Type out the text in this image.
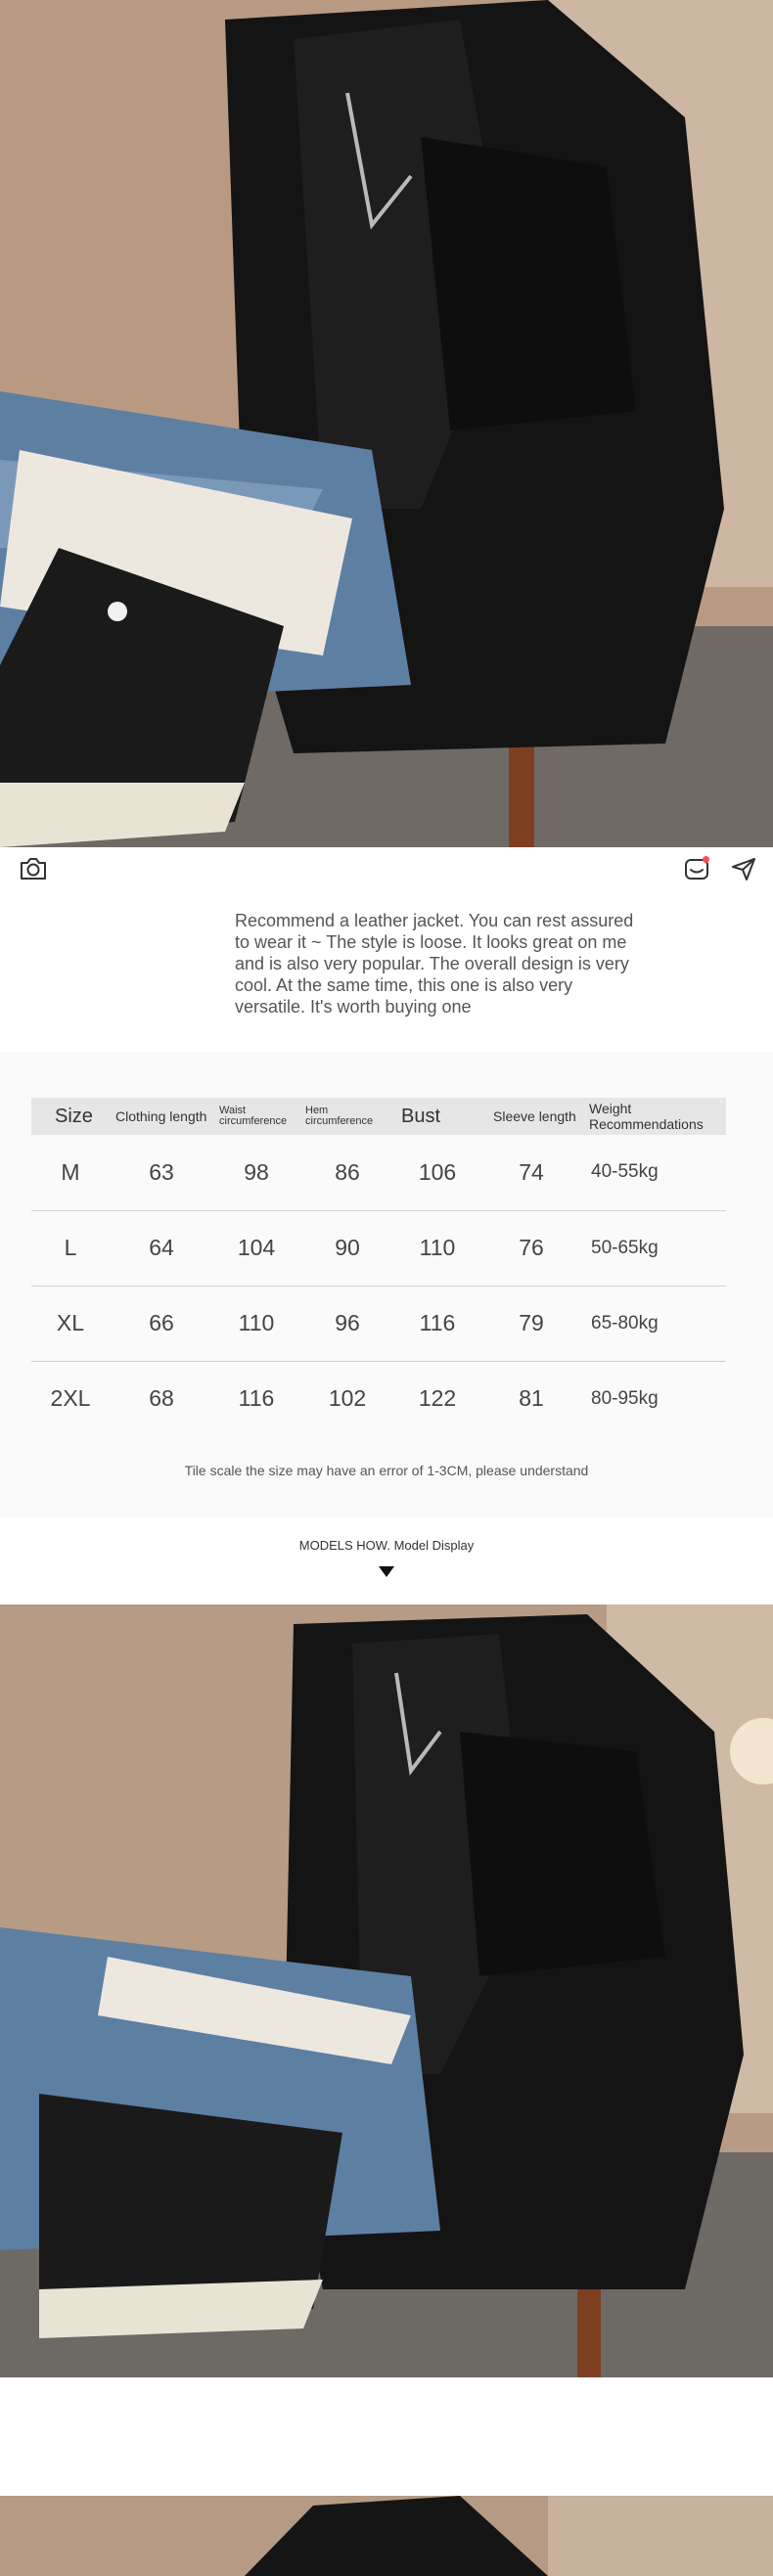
Recommend a leather jacket. You can rest assured to wear it ~ The style is loose. It looks great on me and is also very popular. The overall design is very cool. At the same time, this one is also very versatile. It's worth buying one

Size	Clothing length	Waist circumference	Hem circumference	Bust	Sleeve length	Weight Recommendations
M	63	98	86	106	74	40-55kg
L	64	104	90	110	76	50-65kg
XL	66	110	96	116	79	65-80kg
2XL	68	116	102	122	81	80-95kg

Tile scale the size may have an error of 1-3CM, please understand

MODELS HOW. Model Display
